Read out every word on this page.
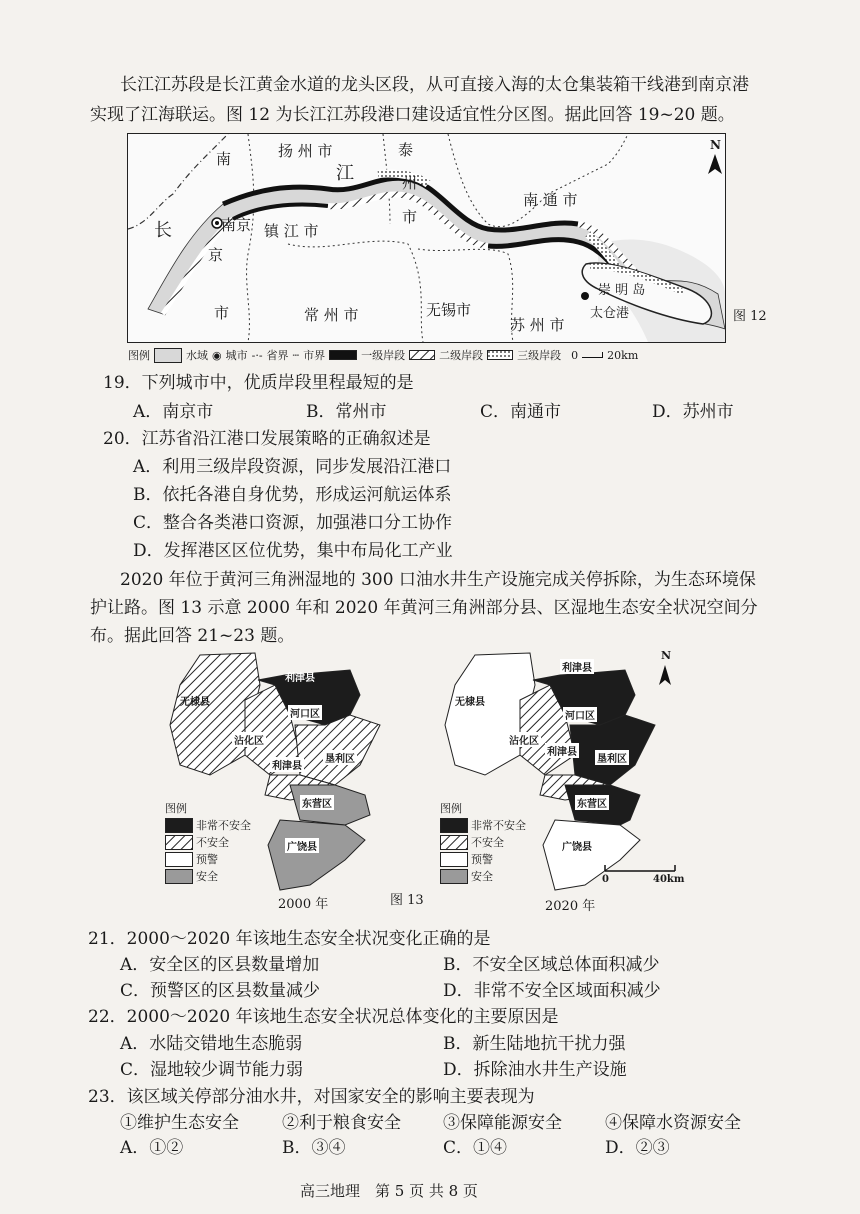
长江江苏段是长江黄金水道的龙头区段，从可直接入海的太仓集装箱干线港到南京港
实现了江海联运。图 12 为长江江苏段港口建设适宜性分区图。据此回答 19~20 题。
南
京
市
南京
扬 州 市
江
长
泰
州
市
镇 江 市
南 通 市
常 州 市	无锡市
苏 州 市
崇 明 岛
太仓港
N
图 12
图例	水域 ◉ 城市 ‐·‐ 省界 ┄ 市界	一级岸段	二级岸段	三级岸段 0	20km
19．下列城市中，优质岸段里程最短的是
A．南京市	B．常州市	C．南通市	D．苏州市
20．江苏省沿江港口发展策略的正确叙述是
A．利用三级岸段资源，同步发展沿江港口
B．依托各港自身优势，形成运河航运体系
C．整合各类港口资源，加强港口分工协作
D．发挥港区区位优势，集中布局化工产业
2020 年位于黄河三角洲湿地的 300 口油水井生产设施完成关停拆除，为生态环境保
护让路。图 13 示意 2000 年和 2020 年黄河三角洲部分县、区湿地生态安全状况空间分
布。据此回答 21~23 题。
无棣县
利津县
河口区
沾化区
利津县
垦利区
东营区
广饶县
图例
非常不安全
不安全
预警
安全
2000 年	图 13
无棣县
利津县
河口区
沾化区
利津县
垦利区
东营区
广饶县
N
0	40km
图例
非常不安全
不安全
预警
安全
2020 年
21．2000～2020 年该地生态安全状况变化正确的是
A．安全区的区县数量增加	B．不安全区域总体面积减少
C．预警区的区县数量减少	D．非常不安全区域面积减少
22．2000～2020 年该地生态安全状况总体变化的主要原因是
A．水陆交错地生态脆弱	B．新生陆地抗干扰力强
C．湿地较少调节能力弱	D．拆除油水井生产设施
23．该区域关停部分油水井，对国家安全的影响主要表现为
①维护生态安全	②利于粮食安全 ③保障能源安全	④保障水资源安全
A．①②	B．③④	C．①④	D．②③
高三地理　第 5 页 共 8 页
